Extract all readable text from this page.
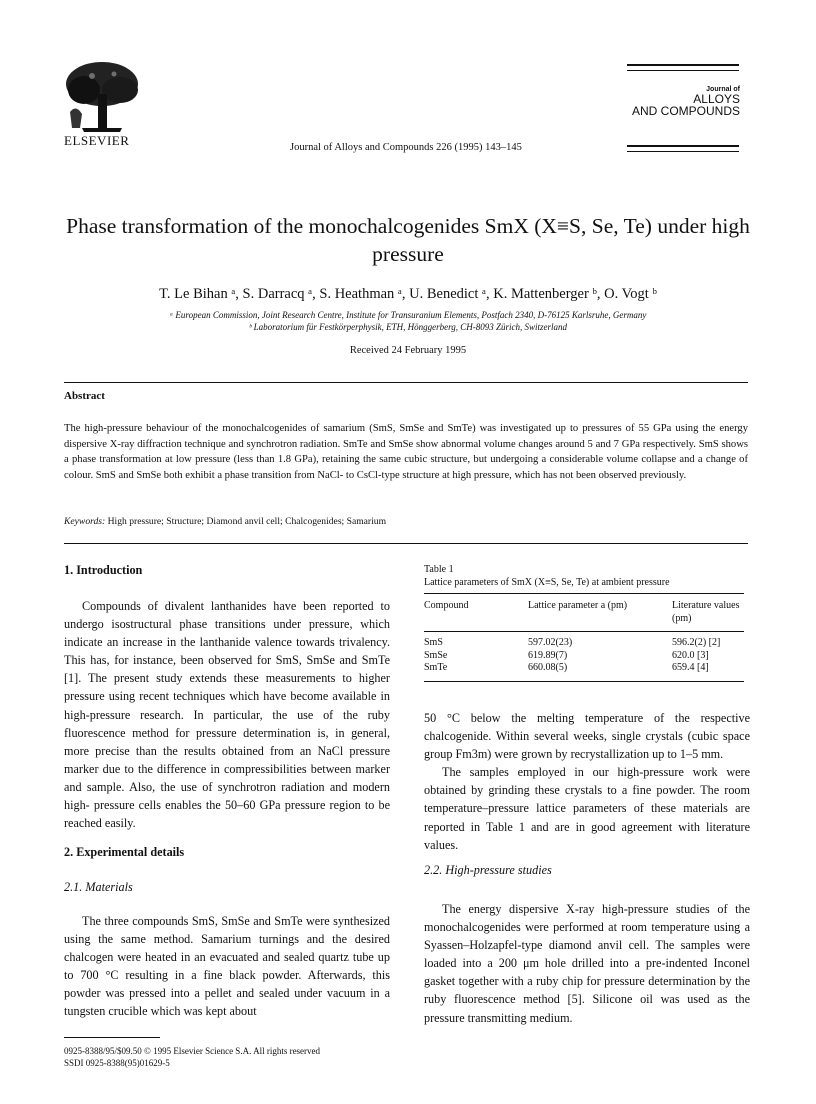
ELSEVIER	Journal of Alloys and Compounds 226 (1995) 143–145
Journal of
ALLOYS
AND COMPOUNDS
Phase transformation of the monochalcogenides SmX (X≡S, Se, Te) under high pressure
T. Le Bihan ᵃ, S. Darracq ᵃ, S. Heathman ᵃ, U. Benedict ᵃ, K. Mattenberger ᵇ, O. Vogt ᵇ
ᵃ European Commission, Joint Research Centre, Institute for Transuranium Elements, Postfach 2340, D-76125 Karlsruhe, Germany
ᵇ Laboratorium für Festkörperphysik, ETH, Hönggerberg, CH-8093 Zürich, Switzerland
Received 24 February 1995
Abstract
The high-pressure behaviour of the monochalcogenides of samarium (SmS, SmSe and SmTe) was investigated up to pressures of 55 GPa using the energy dispersive X-ray diffraction technique and synchrotron radiation. SmTe and SmSe show abnormal volume changes around 5 and 7 GPa respectively. SmS shows a phase transformation at low pressure (less than 1.8 GPa), retaining the same cubic structure, but undergoing a considerable volume collapse and a change of colour. SmS and SmSe both exhibit a phase transition from NaCl- to CsCl-type structure at high pressure, which has not been observed previously.
Keywords: High pressure; Structure; Diamond anvil cell; Chalcogenides; Samarium
1. Introduction

Compounds of divalent lanthanides have been reported to undergo isostructural phase transitions under pressure, which indicate an increase in the lanthanide valence towards trivalency. This has, for instance, been observed for SmS, SmSe and SmTe [1]. The present study extends these measurements to higher pressure using recent techniques which have become available in high-pressure research. In particular, the use of the ruby fluorescence method for pressure determination is, in general, more precise than the results obtained from an NaCl pressure marker due to the difference in compressibilities between marker and sample. Also, the use of synchrotron radiation and modern high- pressure cells enables the 50–60 GPa pressure region to be reached easily.

2. Experimental details
2.1. Materials

The three compounds SmS, SmSe and SmTe were synthesized using the same method. Samarium turnings and the desired chalcogen were heated in an evacuated and sealed quartz tube up to 700 °C resulting in a fine black powder. Afterwards, this powder was pressed into a pellet and sealed under vacuum in a tungsten crucible which was kept about

Table 1
Lattice parameters of SmX (X≡S, Se, Te) at ambient pressure
Compound	Lattice parameter a (pm)	Literature values (pm)
SmS	597.02(23)	596.2(2) [2]
SmSe	619.89(7)	620.0 [3]
SmTe	660.08(5)	659.4 [4]

50 °C below the melting temperature of the respective chalcogenide. Within several weeks, single crystals (cubic space group Fm3m) were grown by recrystallization up to 1–5 mm.

The samples employed in our high-pressure work were obtained by grinding these crystals to a fine powder. The room temperature–pressure lattice parameters of these materials are reported in Table 1 and are in good agreement with literature values.

2.2. High-pressure studies

The energy dispersive X-ray high-pressure studies of the monochalcogenides were performed at room temperature using a Syassen–Holzapfel-type diamond anvil cell. The samples were loaded into a 200 μm hole drilled into a pre-indented Inconel gasket together with a ruby chip for pressure determination by the ruby fluorescence method [5]. Silicone oil was used as the pressure transmitting medium.

0925-8388/95/$09.50 © 1995 Elsevier Science S.A. All rights reserved
SSDI 0925-8388(95)01629-5
